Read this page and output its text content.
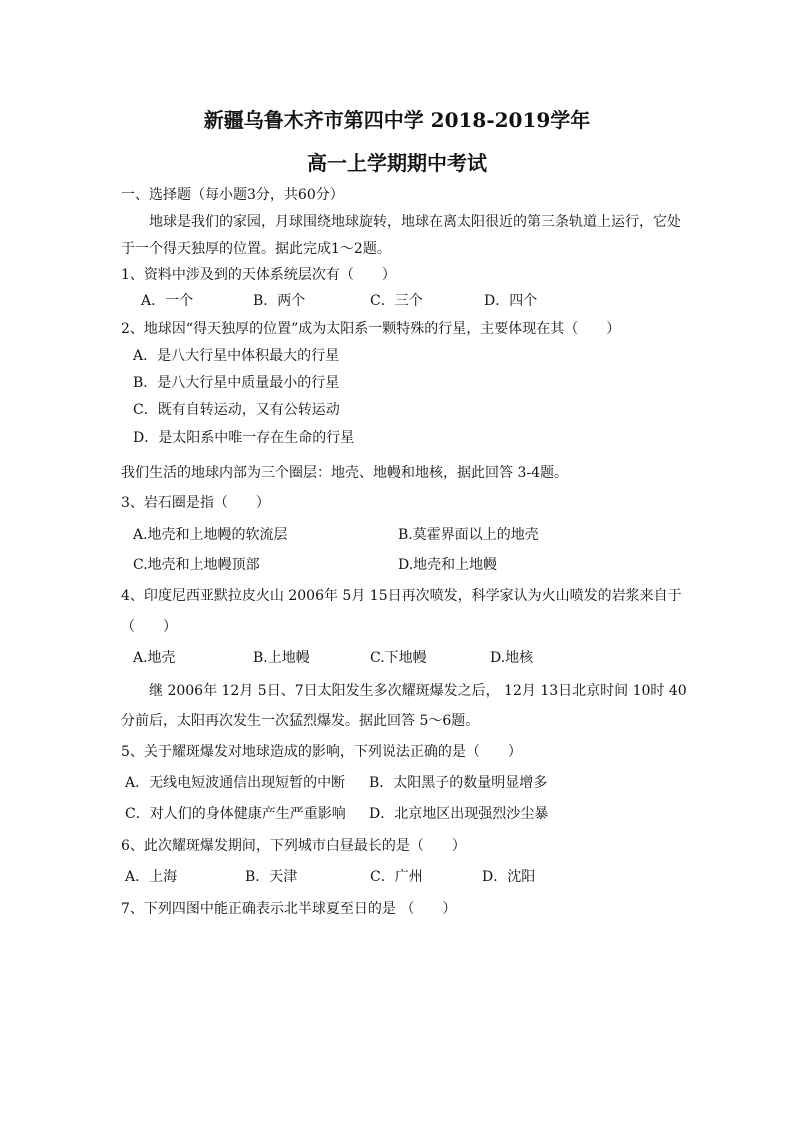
新疆乌鲁木齐市第四中学 2018-2019学年
高一上学期期中考试
一、选择题（每小题3分，共60分）
地球是我们的家园，月球围绕地球旋转，地球在离太阳很近的第三条轨道上运行，它处
于一个得天独厚的位置。据此完成1～2题。
1、资料中涉及到的天体系统层次有（　　）
A．一个	B．两个	C．三个	D．四个
2、地球因“得天独厚的位置”成为太阳系一颗特殊的行星，主要体现在其（　　）
A．是八大行星中体积最大的行星
B．是八大行星中质量最小的行星
C．既有自转运动，又有公转运动
D．是太阳系中唯一存在生命的行星
我们生活的地球内部为三个圈层：地壳、地幔和地核，据此回答 3-4题。
3、岩石圈是指（　　）
A.地壳和上地幔的软流层	B.莫霍界面以上的地壳
C.地壳和上地幔顶部	D.地壳和上地幔
4、印度尼西亚默拉皮火山 2006年 5月 15日再次喷发，科学家认为火山喷发的岩浆来自于
（　　）
A.地壳	B.上地幔	C.下地幔	D.地核
继 2006年 12月 5日、7日太阳发生多次耀斑爆发之后， 12月 13日北京时间 10时 40
分前后，太阳再次发生一次猛烈爆发。据此回答 5～6题。
5、关于耀斑爆发对地球造成的影响，下列说法正确的是（　　）
A．无线电短波通信出现短暂的中断 B．太阳黑子的数量明显增多
C．对人们的身体健康产生严重影响 D．北京地区出现强烈沙尘暴
6、此次耀斑爆发期间，下列城市白昼最长的是（　　）
A．上海	B．天津	C．广州	D．沈阳
7、下列四图中能正确表示北半球夏至日的是 （　　）
